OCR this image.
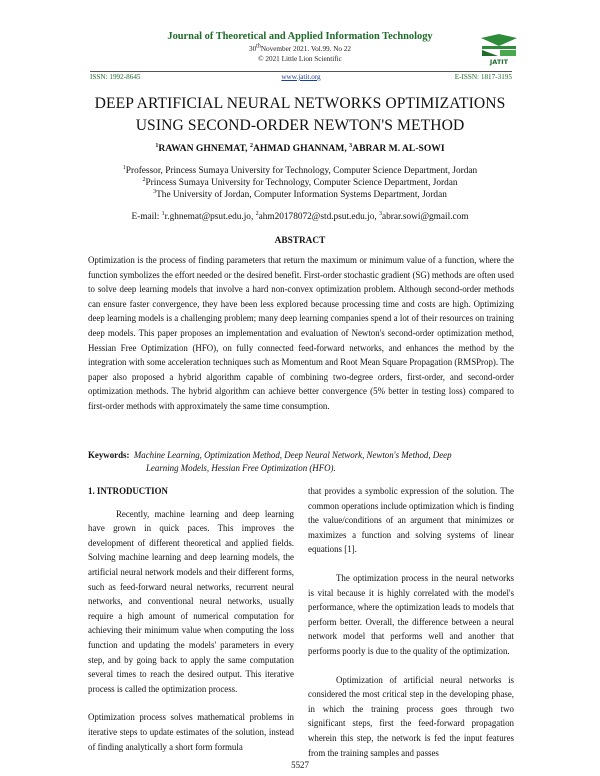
Journal of Theoretical and Applied Information Technology
30thNovember 2021. Vol.99. No 22
© 2021 Little Lion Scientific	JATIT
ISSN: 1992-8645	www.jatit.org	E-ISSN: 1817-3195
DEEP ARTIFICIAL NEURAL NETWORKS OPTIMIZATIONS
USING SECOND-ORDER NEWTON'S METHOD
$^1$RAWAN GHNEMAT, $^2$AHMAD GHANNAM, $^3$ABRAR M. AL-SOWI
$^1$Professor, Princess Sumaya University for Technology, Computer Science Department, Jordan
$^2$Princess Sumaya University for Technology, Computer Science Department, Jordan
$^3$The University of Jordan, Computer Information Systems Department, Jordan
E-mail: $^1$r.ghnemat@psut.edu.jo, $^2$ahm20178072@std.psut.edu.jo, $^3$abrar.sowi@gmail.com
ABSTRACT
Optimization is the process of finding parameters that return the maximum or minimum value of a function, where the function symbolizes the effort needed or the desired benefit. First-order stochastic gradient (SG) methods are often used to solve deep learning models that involve a hard non-convex optimization problem. Although second-order methods can ensure faster convergence, they have been less explored because processing time and costs are high. Optimizing deep learning models is a challenging problem; many deep learning companies spend a lot of their resources on training deep models. This paper proposes an implementation and evaluation of Newton's second-order optimization method, Hessian Free Optimization (HFO), on fully connected feed-forward networks, and enhances the method by the integration with some acceleration techniques such as Momentum and Root Mean Square Propagation (RMSProp). The paper also proposed a hybrid algorithm capable of combining two-degree orders, first-order, and second-order optimization methods. The hybrid algorithm can achieve better convergence (5% better in testing loss) compared to first-order methods with approximately the same time consumption.
Keywords: Machine Learning, Optimization Method, Deep Neural Network, Newton's Method, Deep
Learning Models, Hessian Free Optimization (HFO).
1. INTRODUCTION

Recently, machine learning and deep learning have grown in quick paces. This improves the development of different theoretical and applied fields. Solving machine learning and deep learning models, the artificial neural network models and their different forms, such as feed-forward neural networks, recurrent neural networks, and conventional neural networks, usually require a high amount of numerical computation for achieving their minimum value when computing the loss function and updating the models' parameters in every step, and by going back to apply the same computation several times to reach the desired output. This iterative process is called the optimization process.

Optimization process solves mathematical problems in iterative steps to update estimates of the solution, instead of finding analytically a short form formula

that provides a symbolic expression of the solution. The common operations include optimization which is finding the value/conditions of an argument that minimizes or maximizes a function and solving systems of linear equations [1].

The optimization process in the neural networks is vital because it is highly correlated with the model's performance, where the optimization leads to models that perform better. Overall, the difference between a neural network model that performs well and another that performs poorly is due to the quality of the optimization.

Optimization of artificial neural networks is considered the most critical step in the developing phase, in which the training process goes through two significant steps, first the feed-forward propagation wherein this step, the network is fed the input features from the training samples and passes

5527
